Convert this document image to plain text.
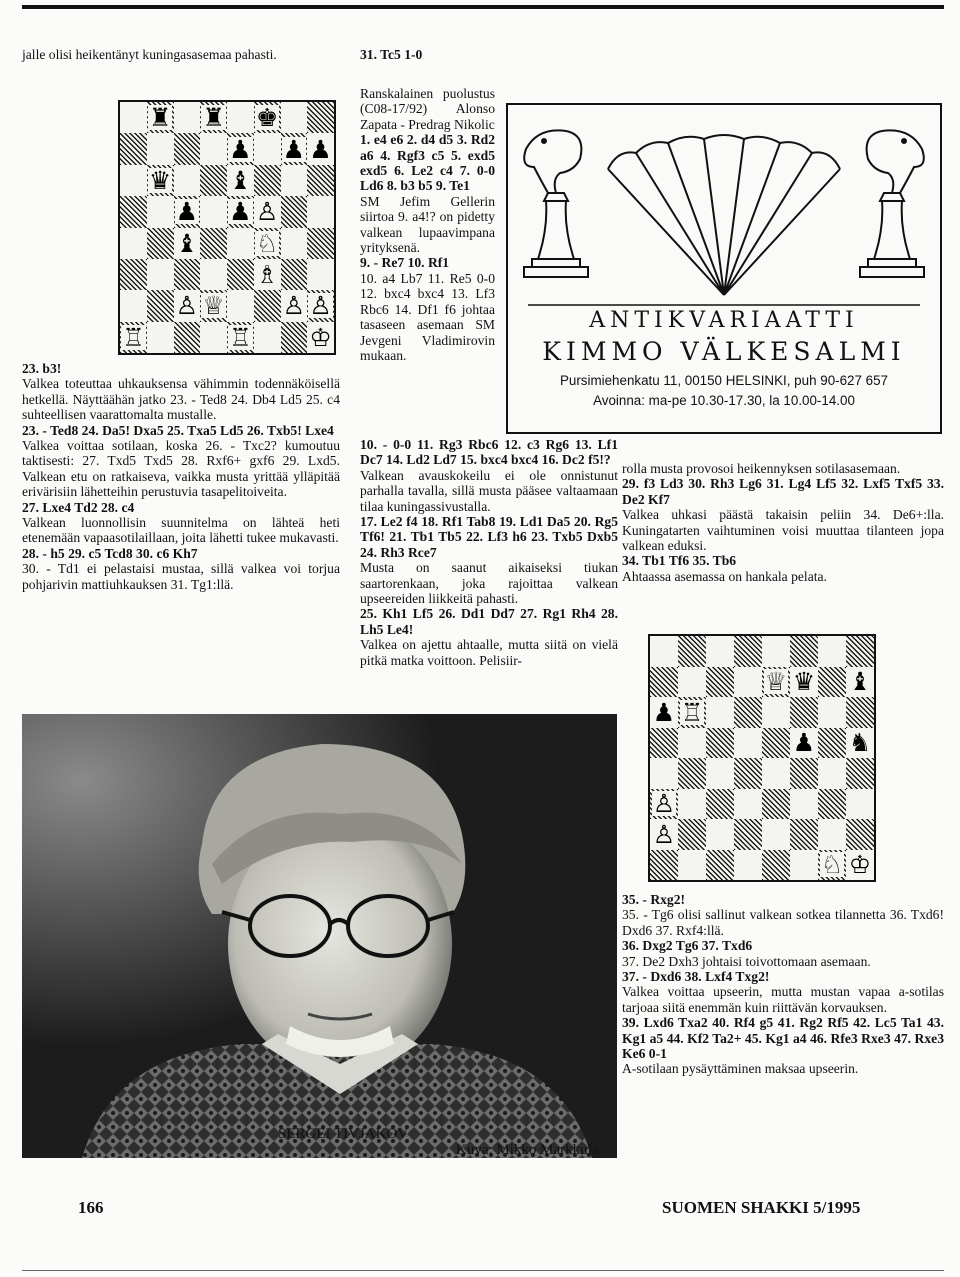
jalle olisi heikentänyt kuningasasemaa pahasti.

♜ ♜ ♚
♟ ♟ ♟
♛ ♝
♟ ♟ ♙
♝ ♘
♗
♙ ♕ ♙ ♙
♖	♖ ♔

23. b3!

Valkea toteuttaa uhkauksensa vähimmin todennäköisellä hetkellä. Näyttäähän jatko 23. - Ted8 24. Db4 Ld5 25. c4 suhteellisen vaarattomalta mustalle.

23. - Ted8 24. Da5! Dxa5 25. Txa5 Ld5 26. Txb5! Lxe4

Valkea voittaa sotilaan, koska 26. - Txc2? kumoutuu taktisesti: 27. Txd5 Txd5 28. Rxf6+ gxf6 29. Lxd5. Valkean etu on ratkaiseva, vaikka musta yrittää ylläpitää erivärisiin lähetteihin perustuvia tasapelitoiveita.

27. Lxe4 Td2 28. c4

Valkean luonnollisin suunnitelma on lähteä heti etenemään vapaasotilaillaan, joita lähetti tukee mukavasti.

28. - h5 29. c5 Tcd8 30. c6 Kh7

30. - Td1 ei pelastaisi mustaa, sillä valkea voi torjua pohjarivin mattiuhkauksen 31. Tg1:llä.

31. Tc5 1-0

Ranskalainen puolustus (C08-17/92) Alonso Zapata - Predrag Nikolic

1. e4 e6 2. d4 d5 3. Rd2 a6 4. Rgf3 c5 5. exd5 exd5 6. Le2 c4 7. 0-0 Ld6 8. b3 b5 9. Te1

SM Jefim Gellerin siirtoa 9. a4!? on pidetty valkean lupaavimpana yrityksenä.

9. - Re7 10. Rf1

10. a4 Lb7 11. Re5 0-0 12. bxc4 bxc4 13. Lf3 Rbc6 14. Df1 f6 johtaa tasaseen asemaan SM Jevgeni Vladimirovin mukaan.

10. - 0-0 11. Rg3 Rbc6 12. c3 Rg6 13. Lf1 Dc7 14. Ld2 Ld7 15. bxc4 bxc4 16. Dc2 f5!?

Valkean avauskokeilu ei ole onnistunut parhalla tavalla, sillä musta pääsee valtaamaan tilaa kuningassivustalla.

17. Le2 f4 18. Rf1 Tab8 19. Ld1 Da5 20. Rg5 Tf6! 21. Tb1 Tb5 22. Lf3 h6 23. Txb5 Dxb5 24. Rh3 Rce7

Musta on saanut aikaiseksi tiukan saartorenkaan, joka rajoittaa valkean upseereiden liikkeitä pahasti.

25. Kh1 Lf5 26. Dd1 Dd7 27. Rg1 Rh4 28. Lh5 Le4!

Valkea on ajettu ahtaalle, mutta siitä on vielä pitkä matka voittoon. Pelisiir-

ANTIKVARIAATTI
KIMMO VÄLKESALMI
Pursimiehenkatu 11, 00150 HELSINKI, puh 90-627 657
Avoinna: ma-pe 10.30-17.30, la 10.00-14.00

rolla musta provosoi heikennyksen sotilasasemaan.

29. f3 Ld3 30. Rh3 Lg6 31. Lg4 Lf5 32. Lxf5 Txf5 33. De2 Kf7

Valkea uhkasi päästä takaisin peliin 34. De6+:lla. Kuningatarten vaihtuminen voisi muuttaa tilanteen jopa valkean eduksi.

34. Tb1 Tf6 35. Tb6

Ahtaassa asemassa on hankala pelata.

♕ ♛ ♝
♟ ♖
♟ ♞
♙
♙
♘ ♔

35. - Rxg2!

35. - Tg6 olisi sallinut valkean sotkea tilannetta 36. Txd6! Dxd6 37. Rxf4:llä.

36. Dxg2 Tg6 37. Txd6

37. De2 Dxh3 johtaisi toivottomaan asemaan.

37. - Dxd6 38. Lxf4 Txg2!

Valkea voittaa upseerin, mutta mustan vapaa a-sotilas tarjoaa siitä enemmän kuin riittävän korvauksen.

39. Lxd6 Txa2 40. Rf4 g5 41. Rg2 Rf5 42. Lc5 Ta1 43. Kg1 a5 44. Kf2 Ta2+ 45. Kg1 a4 46. Rfe3 Rxe3 47. Rxe3 Ke6 0-1

A-sotilaan pysäyttäminen maksaa upseerin.

SERGEI TIVJAKOV
Kuva: Mikko Markkula
166	SUOMEN SHAKKI 5/1995
